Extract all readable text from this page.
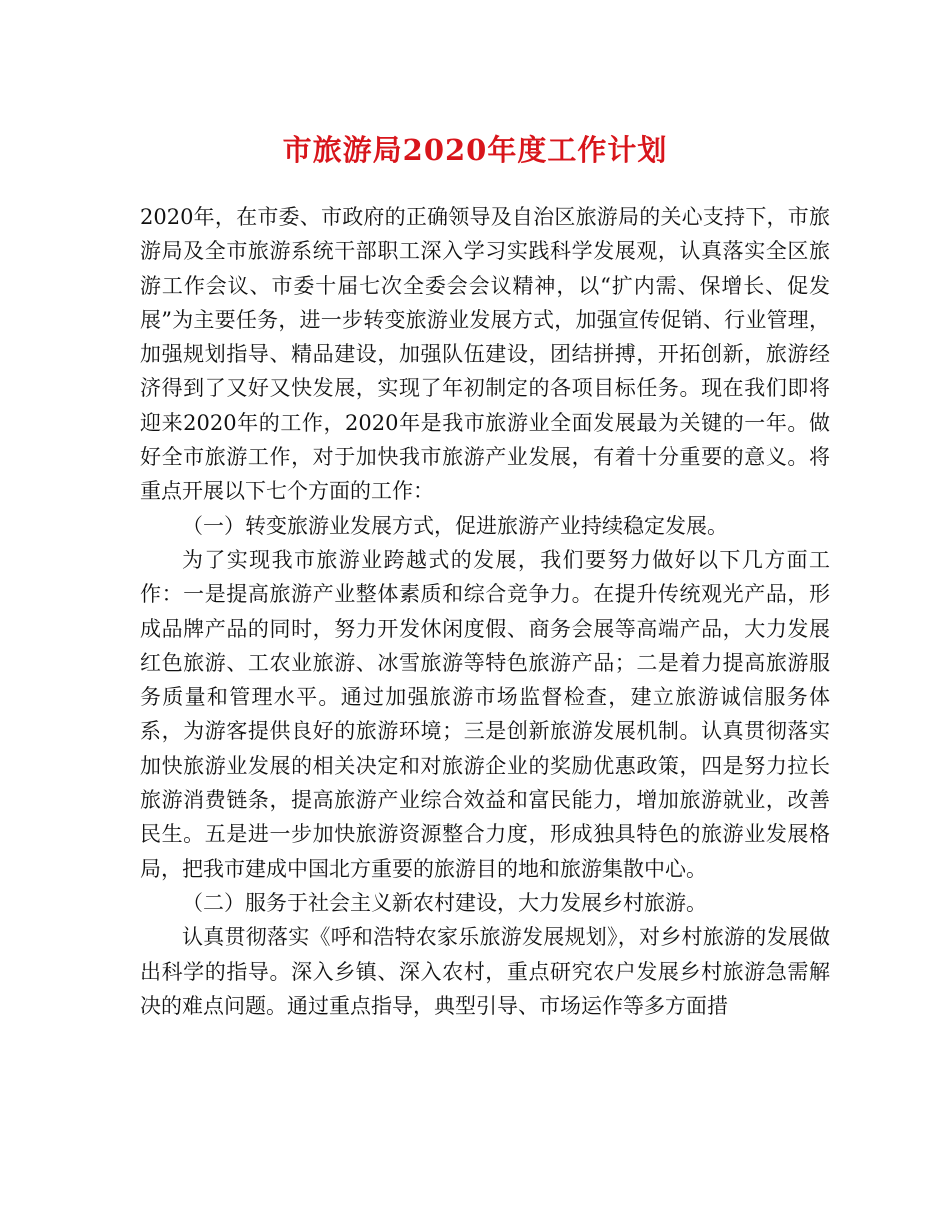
市旅游局2020年度工作计划

2020年，在市委、市政府的正确领导及自治区旅游局的关心支持下，市旅游局及全市旅游系统干部职工深入学习实践科学发展观，认真落实全区旅游工作会议、市委十届七次全委会会议精神，以“扩内需、保增长、促发展”为主要任务，进一步转变旅游业发展方式，加强宣传促销、行业管理，加强规划指导、精品建设，加强队伍建设，团结拼搏，开拓创新，旅游经济得到了又好又快发展，实现了年初制定的各项目标任务。现在我们即将迎来2020年的工作，2020年是我市旅游业全面发展最为关键的一年。做好全市旅游工作，对于加快我市旅游产业发展，有着十分重要的意义。将重点开展以下七个方面的工作：

（一）转变旅游业发展方式，促进旅游产业持续稳定发展。

为了实现我市旅游业跨越式的发展，我们要努力做好以下几方面工作：一是提高旅游产业整体素质和综合竞争力。在提升传统观光产品，形成品牌产品的同时，努力开发休闲度假、商务会展等高端产品，大力发展红色旅游、工农业旅游、冰雪旅游等特色旅游产品；二是着力提高旅游服务质量和管理水平。通过加强旅游市场监督检查，建立旅游诚信服务体系，为游客提供良好的旅游环境；三是创新旅游发展机制。认真贯彻落实加快旅游业发展的相关决定和对旅游企业的奖励优惠政策，四是努力拉长旅游消费链条，提高旅游产业综合效益和富民能力，增加旅游就业，改善民生。五是进一步加快旅游资源整合力度，形成独具特色的旅游业发展格局，把我市建成中国北方重要的旅游目的地和旅游集散中心。

（二）服务于社会主义新农村建设，大力发展乡村旅游。

认真贯彻落实《呼和浩特农家乐旅游发展规划》，对乡村旅游的发展做出科学的指导。深入乡镇、深入农村，重点研究农户发展乡村旅游急需解决的难点问题。通过重点指导，典型引导、市场运作等多方面措
